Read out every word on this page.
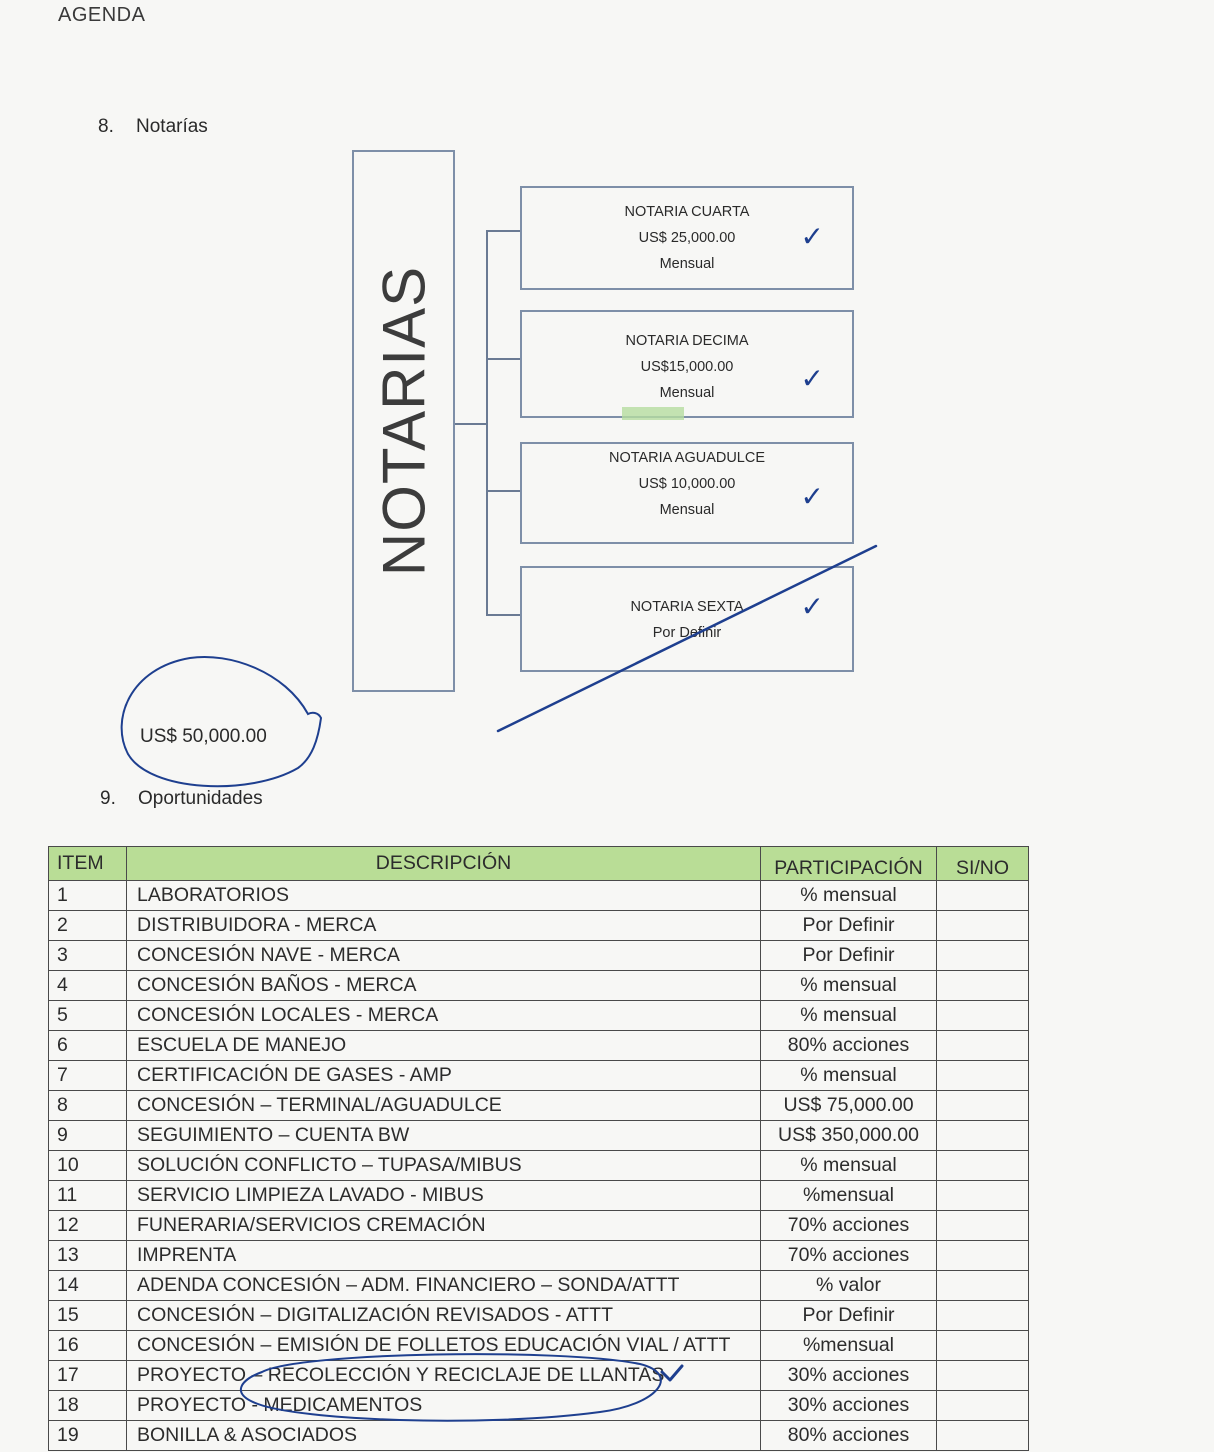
AGENDA
8. Notarías
NOTARIAS
NOTARIA CUARTA
US$ 25,000.00
Mensual
✓
NOTARIA DECIMA
US$15,000.00
Mensual	✓
NOTARIA AGUADULCE
US$ 10,000.00
Mensual	✓
NOTARIA SEXTA
Por Definir
✓
US$ 50,000.00
9. Oportunidades
ITEM	DESCRIPCIÓN	PARTICIPACIÓN	SI/NO
1	LABORATORIOS	% mensual	
2	DISTRIBUIDORA - MERCA	Por Definir	
3	CONCESIÓN NAVE - MERCA	Por Definir	
4	CONCESIÓN BAÑOS - MERCA	% mensual	
5	CONCESIÓN LOCALES - MERCA	% mensual	
6	ESCUELA DE MANEJO	80% acciones	
7	CERTIFICACIÓN DE GASES - AMP	% mensual	
8	CONCESIÓN – TERMINAL/AGUADULCE	US$ 75,000.00	
9	SEGUIMIENTO – CUENTA BW	US$ 350,000.00	
10	SOLUCIÓN CONFLICTO – TUPASA/MIBUS	% mensual	
11	SERVICIO LIMPIEZA LAVADO - MIBUS	%mensual	
12	FUNERARIA/SERVICIOS CREMACIÓN	70% acciones	
13	IMPRENTA	70% acciones	
14	ADENDA CONCESIÓN – ADM. FINANCIERO – SONDA/ATTT	% valor	
15	CONCESIÓN – DIGITALIZACIÓN REVISADOS - ATTT	Por Definir	
16	CONCESIÓN – EMISIÓN DE FOLLETOS EDUCACIÓN VIAL / ATTT	%mensual	
17	PROYECTO – RECOLECCIÓN Y RECICLAJE DE LLANTAS	30% acciones	
18	PROYECTO - MEDICAMENTOS	30% acciones	
19	BONILLA & ASOCIADOS	80% acciones	
